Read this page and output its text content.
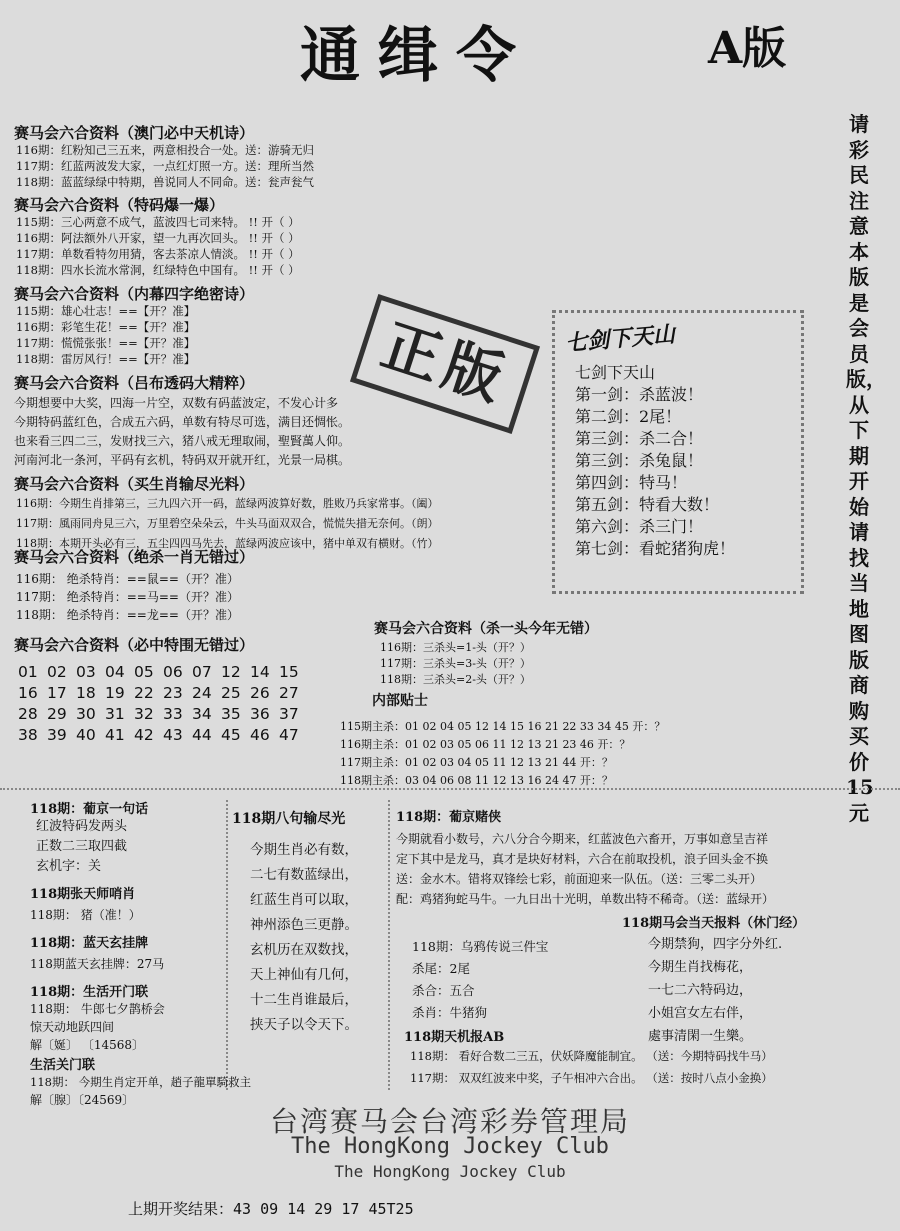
通缉令	A版
赛马会六合资料（澳门必中天机诗）
116期：红粉知己三五来，两意相投合一处。送：游骑无归
117期：红蓝两波发大家，一点红灯照一方。送：理所当然
118期：蓝蓝绿绿中特期，兽说同人不同命。送：瓮声瓮气
赛马会六合资料（特码爆一爆）
115期：三心两意不成气，蓝波四七司来特。 !! 开（ ）
116期：阿法额外八开家，望一九再次回头。 !! 开（ ）
117期：单数看特勿用猜，客去茶凉人情淡。 !! 开（ ）
118期：四水长流水常洞，红绿特色中国有。 !! 开（ ）
赛马会六合资料（内幕四字绝密诗）
115期：雄心壮志！==【开？准】
116期：彩笔生花！==【开？准】
117期：慌慌张张！==【开？准】
118期：雷厉风行！==【开？准】	正版
赛马会六合资料（吕布透码大精粹）
今期想要中大奖，四海一片空，双数有码蓝波定，不发心计多
今期特码蓝红色，合成五六码，单数有特尽可选，满目还惆怅。
也来看三四二三，发财找三六，猪八戒无理取闹，聖賢萬人仰。
河南河北一条河，平码有玄机，特码双开就开红，光景一局棋。
七剑下天山
七剑下天山
第一剑：杀蓝波！
第二剑：2尾！
第三剑：杀二合！
第三剑：杀兔鼠！
第四剑：特马！
第五剑：特看大数！
第六剑：杀三门！
第七剑：看蛇猪狗虎！
请彩民注意本版是会员版，从下期开始请找当地图版商购买价15元
赛马会六合资料（买生肖输尽光料）
116期：今期生肖排第三，三九四六开一码，蓝绿两波算好数，胜败乃兵家常事。（阖）
117期：風雨同舟見三六，万里碧空朵朵云，牛头马面双双合，慌慌失措无奈何。（朗）
118期：本期开头必有三，五尘四四马先去，蓝绿两波应该中，猪中单双有横财。（竹）
赛马会六合资料（绝杀一肖无错过）
116期： 绝杀特肖：==鼠==（开？准）
117期： 绝杀特肖：==马==（开？准）
118期： 绝杀特肖：==龙==（开？准）
赛马会六合资料（必中特围无错过）
01 02 03 04 05 06 07 12 14 15
16 17 18 19 22 23 24 25 26 27
28 29 30 31 32 33 34 35 36 37
38 39 40 41 42 43 44 45 46 47
赛马会六合资料（杀一头今年无错）
116期：三杀头=1-头（开？）
117期：三杀头=3-头（开？）
118期：三杀头=2-头（开？）
内部贴士
115期主杀：01 02 04 05 12 14 15 16 21 22 33 34 45 开：？
116期主杀：01 02 03 05 06 11 12 13 21 23 46 开：？
117期主杀：01 02 03 04 05 11 12 13 21 44 开：？
118期主杀：03 04 06 08 11 12 13 16 24 47 开：？
118期：葡京一句话
红波特码发两头
正数二三取四截
玄机字：关
118期张天师哨肖
118期： 猪（准！）
118期：蓝天玄挂牌
118期蓝天玄挂牌：27马
118期：生活开门联
118期： 牛郎七夕鹊桥会
惊天动地跃四间
解〔娫〕 〔14568〕
生活关门联
118期： 今期生肖定开单，趙子龍單騎救主
解〔腺〕〔24569〕
118期八句输尽光
今期生肖必有数，
二七有数蓝绿出，
红蓝生肖可以取，
神州添色三更静。
玄机历在双数找，
天上神仙有几何，
十二生肖谁最后，
挟天子以令天下。
118期：葡京赌侠
今期就看小数号，六八分合今期来，红蓝波色六畜开，万事如意呈吉祥
定下其中是龙马，真才是块好材料，六合在前取投机，浪子回头金不换
送：金水木。错将双锋绘七彩，前面迎来一队伍。（送：三零二头开）
配：鸡猪狗蛇马牛。一九日出十光明，单数出特不稀奇。（送：蓝绿开）
118期：乌鸦传说三件宝
杀尾：2尾
杀合：五合
杀肖：牛猪狗
118期马会当天报料（休门经）
今期禁狗，四字分外红.
今期生肖找梅花，
一七二六特码边，
小姐宫女左右伴，
處事清閑一生樂。
118期天机报AB
118期： 看好合数二三五，伏妖降魔能制宜。 （送：今期特码找牛马）
117期： 双双红波来中奖，子午相冲六合出。 （送：按时八点小金换）
台湾赛马会台湾彩券管理局
The HongKong Jockey Club
The HongKong Jockey Club
上期开奖结果：43 09 14 29 17 45T25
